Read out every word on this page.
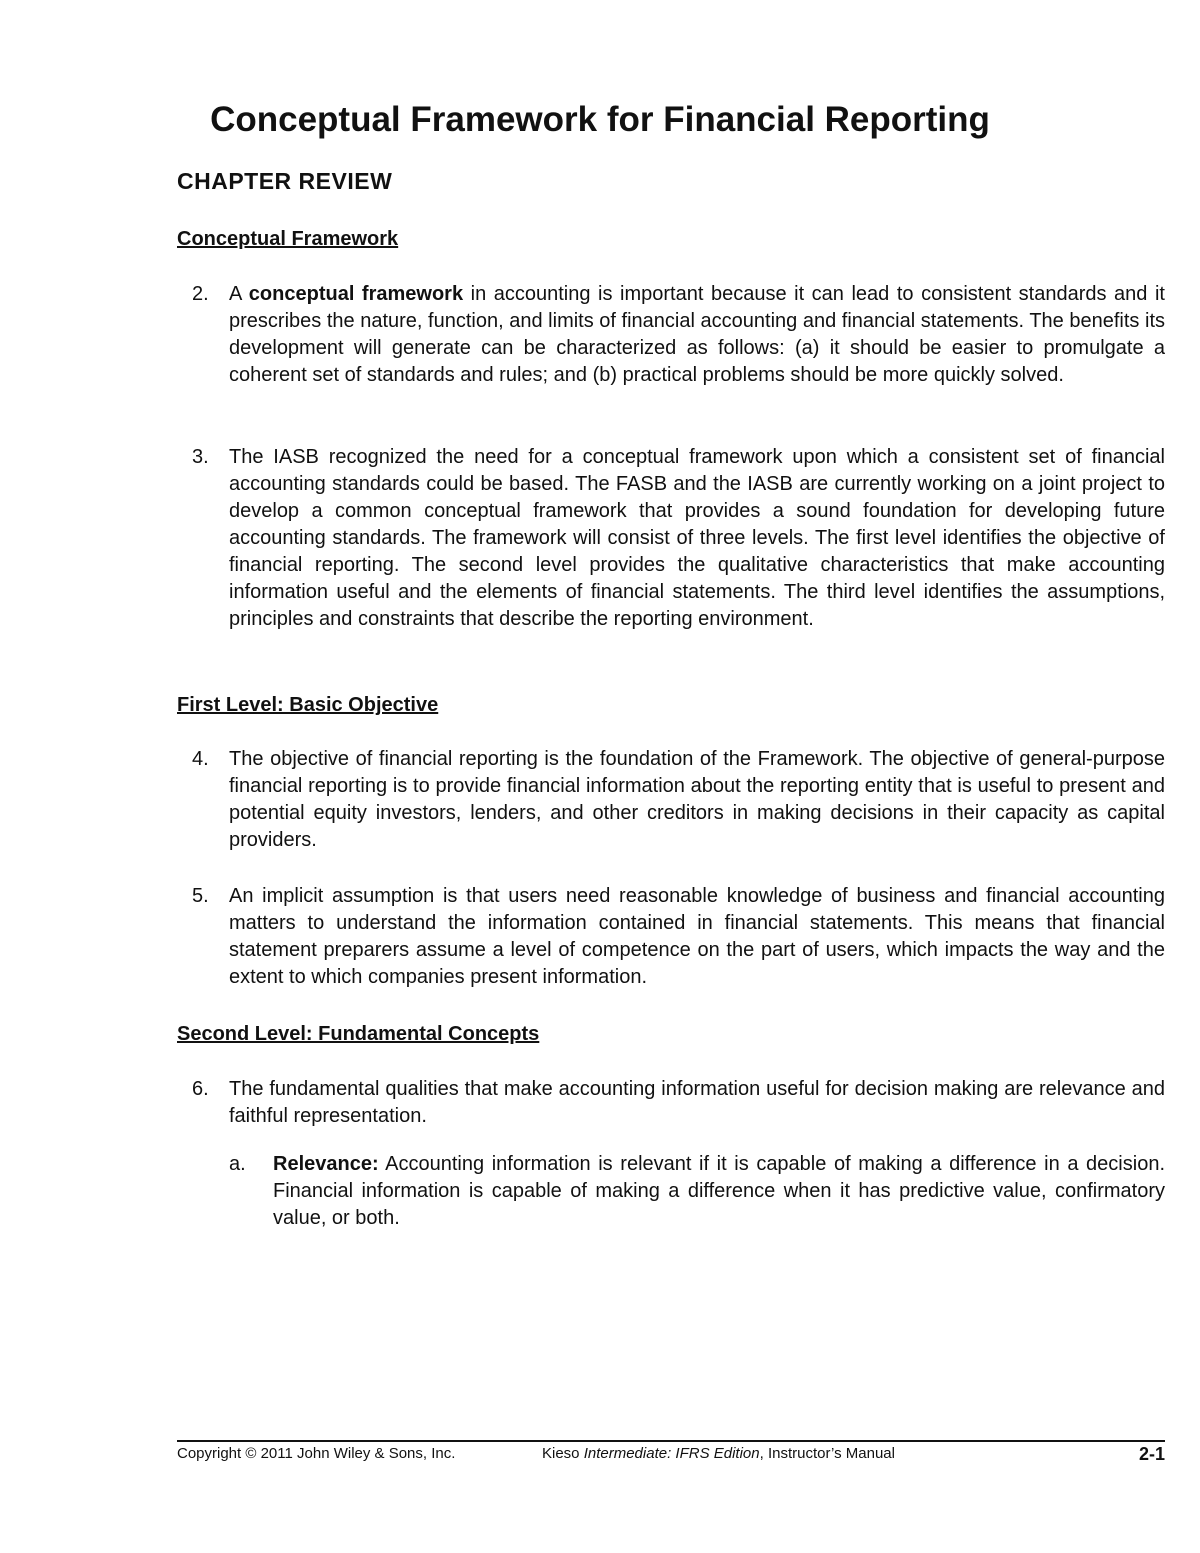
Conceptual Framework for Financial Reporting
CHAPTER REVIEW
Conceptual Framework
2. A conceptual framework in accounting is important because it can lead to consistent standards and it prescribes the nature, function, and limits of financial accounting and financial statements. The benefits its development will generate can be characterized as follows: (a) it should be easier to promulgate a coherent set of standards and rules; and (b) practical problems should be more quickly solved.
3. The IASB recognized the need for a conceptual framework upon which a consistent set of financial accounting standards could be based. The FASB and the IASB are currently working on a joint project to develop a common conceptual framework that provides a sound foundation for developing future accounting standards. The framework will consist of three levels. The first level identifies the objective of financial reporting. The second level provides the qualitative characteristics that make accounting information useful and the elements of financial statements. The third level identifies the assumptions, principles and constraints that describe the reporting environment.
First Level: Basic Objective
4. The objective of financial reporting is the foundation of the Framework. The objective of general-purpose financial reporting is to provide financial information about the reporting entity that is useful to present and potential equity investors, lenders, and other creditors in making decisions in their capacity as capital providers.
5. An implicit assumption is that users need reasonable knowledge of business and financial accounting matters to understand the information contained in financial statements. This means that financial statement preparers assume a level of competence on the part of users, which impacts the way and the extent to which companies present information.
Second Level: Fundamental Concepts
6. The fundamental qualities that make accounting information useful for decision making are relevance and faithful representation.
a. Relevance: Accounting information is relevant if it is capable of making a difference in a decision. Financial information is capable of making a difference when it has predictive value, confirmatory value, or both.
Copyright © 2011 John Wiley & Sons, Inc.	Kieso Intermediate: IFRS Edition, Instructor’s Manual	2-1
